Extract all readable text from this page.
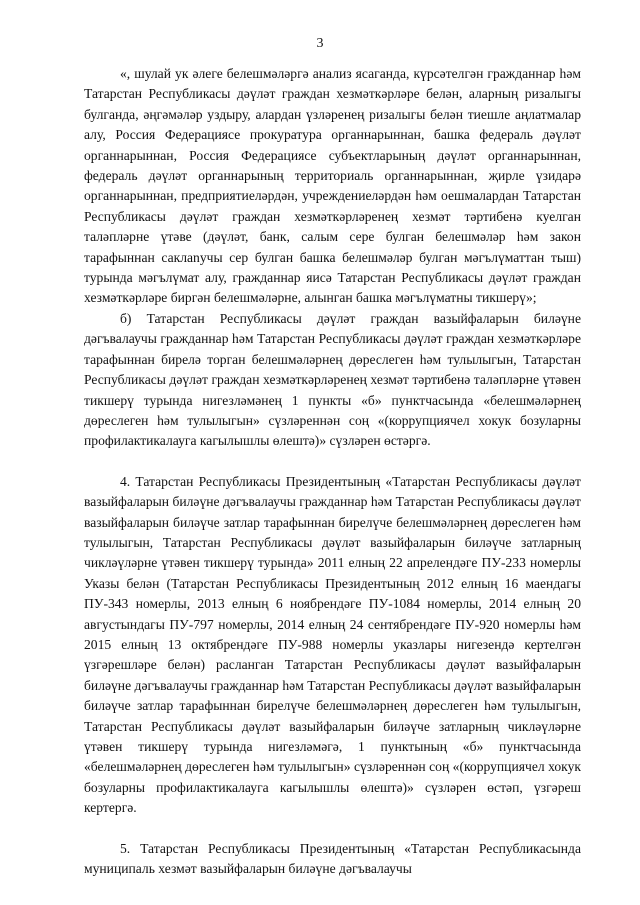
3

«, шулай ук әлеге белешмәләргә анализ ясаганда, күрсәтелгән гражданнар һәм Татарстан Республикасы дәүләт граждан хезмәткәрләре белән, аларның ризалыгы булганда, әңгәмәләр уздыру, алардан үзләренең ризалыгы белән тиешле аңлатмалар алу, Россия Федерациясе прокуратура органнарыннан, башка федераль дәүләт органнарыннан, Россия Федерациясе субъектларының дәүләт органнарыннан, федераль дәүләт органнарының территориаль органнарыннан, җирле үзидарә органнарыннан, предприятиеләрдән, учреждениеләрдән һәм оешмалардан Татарстан Республикасы дәүләт граждан хезмәткәрләренең хезмәт тәртибенә куелган таләпләрне үтәве (дәүләт, банк, салым сере булган белешмәләр һәм закон тарафыннан саклanучы сер булган башка белешмәләр булган мәгълүматтан тыш) турында мәгълүмат алу, гражданнар яисә Татарстан Республикасы дәүләт граждан хезмәткәрләре биргән белешмәләрне, алынган башка мәгълүматны тикшерү»;

б) Татарстан Республикасы дәүләт граждан вазыйфаларын биләүне дәгъвалаучы гражданнар һәм Татарстан Республикасы дәүләт граждан хезмәткәрләре тарафыннан бирелә торган белешмәләрнең дөреслеген һәм тулылыгын, Татарстан Республикасы дәүләт граждан хезмәткәрләренең хезмәт тәртибенә таләпләрне үтәвен тикшерү турында нигезләмәнең 1 пункты «б» пунктчасында «белешмәләрнең дөреслеген һәм тулылыгын» сүзләреннән соң «(коррупциячел хокук бозуларны профилактикалауга кагылышлы өлештә)» сүзләрен өстәргә.

4. Татарстан Республикасы Президентының «Татарстан Республикасы дәүләт вазыйфаларын биләүне дәгъвалаучы гражданнар һәм Татарстан Республикасы дәүләт вазыйфаларын биләүче затлар тарафыннан бирелүче белешмәләрнең дөреслеген һәм тулылыгын, Татарстан Республикасы дәүләт вазыйфаларын биләүче затларның чикләүләрне үтәвен тикшерү турында» 2011 елның 22 апрелендәге ПУ-233 номерлы Указы белән (Татарстан Республикасы Президентының 2012 елның 16 маендагы ПУ-343 номерлы, 2013 елның 6 ноябрендәге ПУ-1084 номерлы, 2014 елның 20 августындагы ПУ-797 номерлы, 2014 елның 24 сентябрендәге ПУ-920 номерлы һәм 2015 елның 13 октябрендәге ПУ-988 номерлы указлары нигезендә кертелгән үзгәрешләре белән) расланган Татарстан Республикасы дәүләт вазыйфаларын биләүне дәгъвалаучы гражданнар һәм Татарстан Республикасы дәүләт вазыйфаларын биләүче затлар тарафыннан бирелүче белешмәләрнең дөреслеген һәм тулылыгын, Татарстан Республикасы дәүләт вазыйфаларын биләүче затларның чикләүләрне үтәвен тикшерү турында нигезләмәгә, 1 пунктының «б» пунктчасында «белешмәләрнең дөреслеген һәм тулылыгын» сүзләреннән соң «(коррупциячел хокук бозуларны профилактикалауга кагылышлы өлештә)» сүзләрен өстәп, үзгәреш кертергә.

5. Татарстан Республикасы Президентының «Татарстан Республикасында муниципаль хезмәт вазыйфаларын биләүне дәгъвалаучы
